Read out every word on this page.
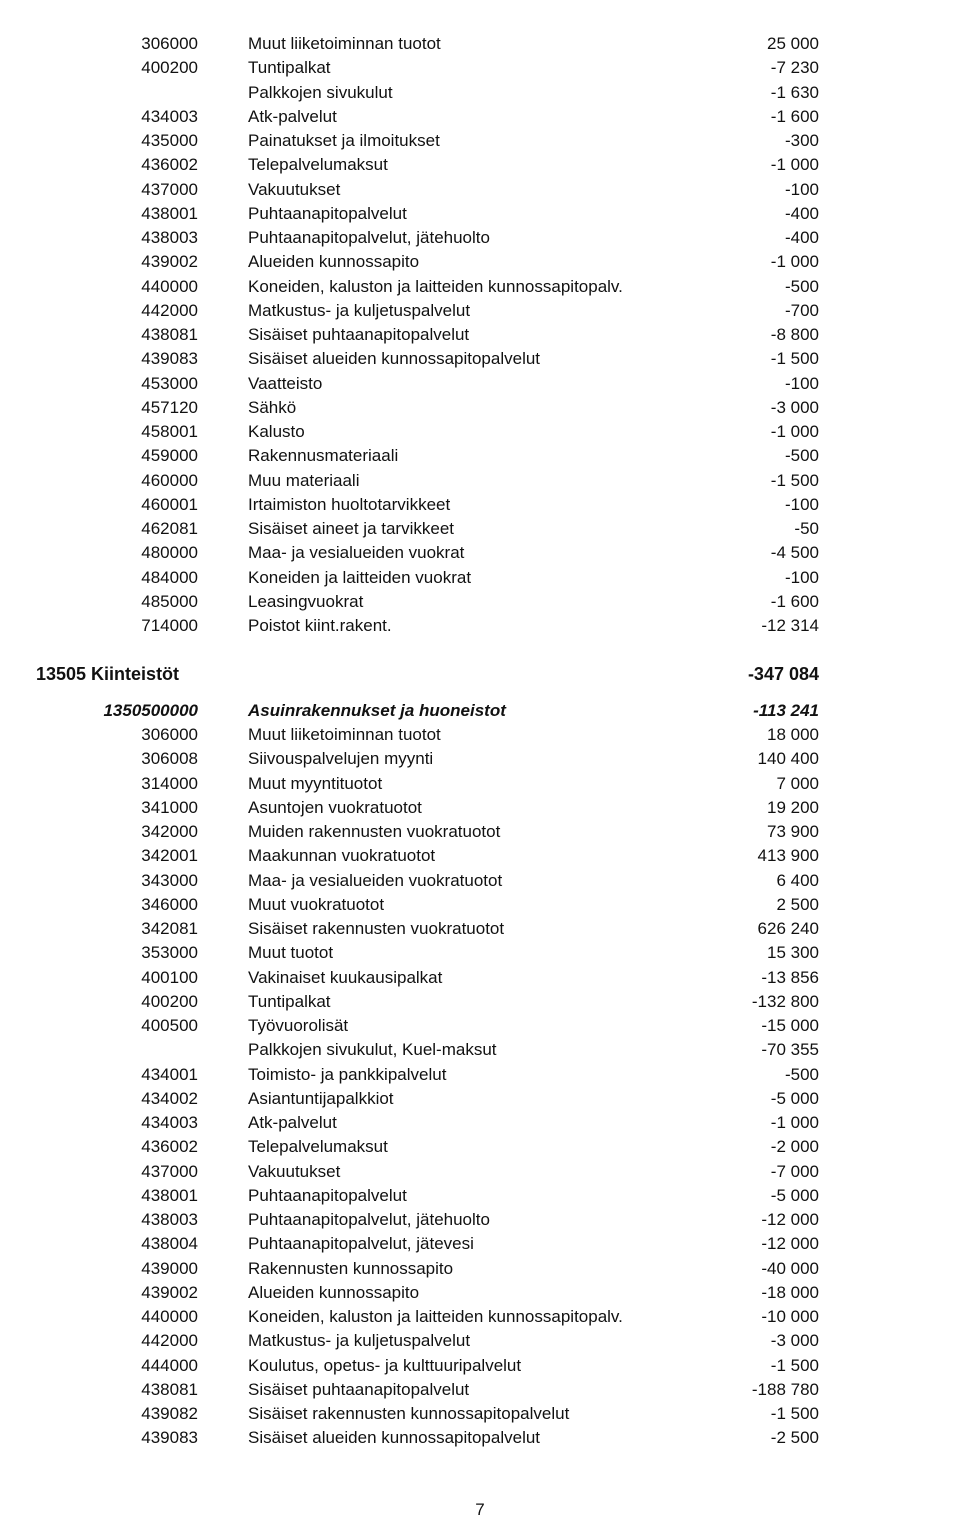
306000	Muut liiketoiminnan tuotot	25 000
400200	Tuntipalkat	-7 230
Palkkojen sivukulut	-1 630
434003	Atk-palvelut	-1 600
435000	Painatukset ja ilmoitukset	-300
436002	Telepalvelumaksut	-1 000
437000	Vakuutukset	-100
438001	Puhtaanapitopalvelut	-400
438003	Puhtaanapitopalvelut, jätehuolto	-400
439002	Alueiden kunnossapito	-1 000
440000	Koneiden, kaluston ja laitteiden kunnossapitopalv.	-500
442000	Matkustus- ja kuljetuspalvelut	-700
438081	Sisäiset puhtaanapitopalvelut	-8 800
439083	Sisäiset alueiden kunnossapitopalvelut	-1 500
453000	Vaatteisto	-100
457120	Sähkö	-3 000
458001	Kalusto	-1 000
459000	Rakennusmateriaali	-500
460000	Muu materiaali	-1 500
460001	Irtaimiston huoltotarvikkeet	-100
462081	Sisäiset aineet ja tarvikkeet	-50
480000	Maa- ja vesialueiden vuokrat	-4 500
484000	Koneiden ja laitteiden vuokrat	-100
485000	Leasingvuokrat	-1 600
714000	Poistot kiint.rakent.	-12 314
13505 Kiinteistöt	-347 084
1350500000	Asuinrakennukset ja huoneistot	-113 241
306000	Muut liiketoiminnan tuotot	18 000
306008	Siivouspalvelujen myynti	140 400
314000	Muut myyntituotot	7 000
341000	Asuntojen vuokratuotot	19 200
342000	Muiden rakennusten vuokratuotot	73 900
342001	Maakunnan vuokratuotot	413 900
343000	Maa- ja vesialueiden vuokratuotot	6 400
346000	Muut vuokratuotot	2 500
342081	Sisäiset rakennusten vuokratuotot	626 240
353000	Muut tuotot	15 300
400100	Vakinaiset kuukausipalkat	-13 856
400200	Tuntipalkat	-132 800
400500	Työvuorolisät	-15 000
Palkkojen sivukulut, Kuel-maksut	-70 355
434001	Toimisto- ja pankkipalvelut	-500
434002	Asiantuntijapalkkiot	-5 000
434003	Atk-palvelut	-1 000
436002	Telepalvelumaksut	-2 000
437000	Vakuutukset	-7 000
438001	Puhtaanapitopalvelut	-5 000
438003	Puhtaanapitopalvelut, jätehuolto	-12 000
438004	Puhtaanapitopalvelut, jätevesi	-12 000
439000	Rakennusten kunnossapito	-40 000
439002	Alueiden kunnossapito	-18 000
440000	Koneiden, kaluston ja laitteiden kunnossapitopalv.	-10 000
442000	Matkustus- ja kuljetuspalvelut	-3 000
444000	Koulutus, opetus- ja kulttuuripalvelut	-1 500
438081	Sisäiset puhtaanapitopalvelut	-188 780
439082	Sisäiset rakennusten kunnossapitopalvelut	-1 500
439083	Sisäiset alueiden kunnossapitopalvelut	-2 500
7
